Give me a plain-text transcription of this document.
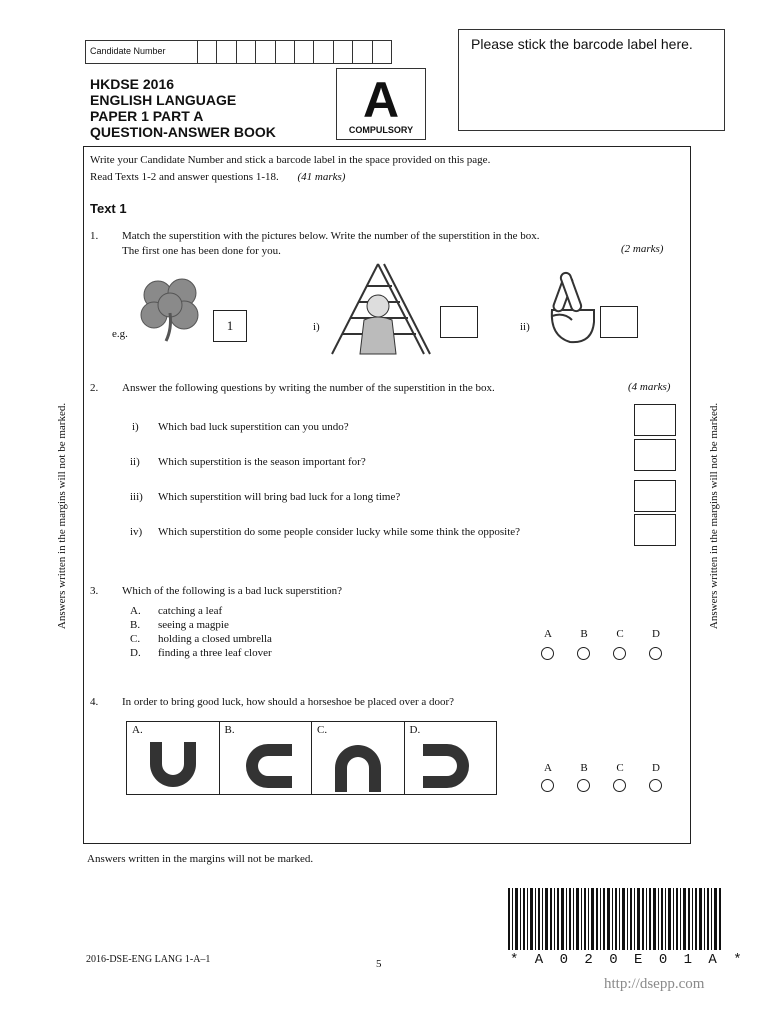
Candidate Number
HKDSE 2016
ENGLISH LANGUAGE
PAPER 1 PART A
QUESTION-ANSWER BOOK
A
COMPULSORY
Please stick the barcode label here.
Write your Candidate Number and stick a barcode label in the space provided on this page.
Read Texts 1-2 and answer questions 1-18. (41 marks)
Text 1
1. Match the superstition with the pictures below. Write the number of the superstition in the box.
The first one has been done for you.	(2 marks)
e.g.
1	i)	ii)
2. Answer the following questions by writing the number of the superstition in the box.	(4 marks)
i) Which bad luck superstition can you undo?
ii) Which superstition is the season important for?
iii) Which superstition will bring bad luck for a long time?
iv) Which superstition do some people consider lucky while some think the opposite?
3. Which of the following is a bad luck superstition?
A. catching a leaf
B. seeing a magpie
C. holding a closed umbrella
D. finding a three leaf clover
A	B	C	D
4. In order to bring good luck, how should a horseshoe be placed over a door?
A.	B.	C.	D.
A	B	C	D
Answers written in the margins will not be marked.	Answers written in the margins will not be marked.
Answers written in the margins will not be marked.
2016-DSE-ENG LANG 1-A–1	5	* A 0 2 0 E 0 1 A *
http://dsepp.com
